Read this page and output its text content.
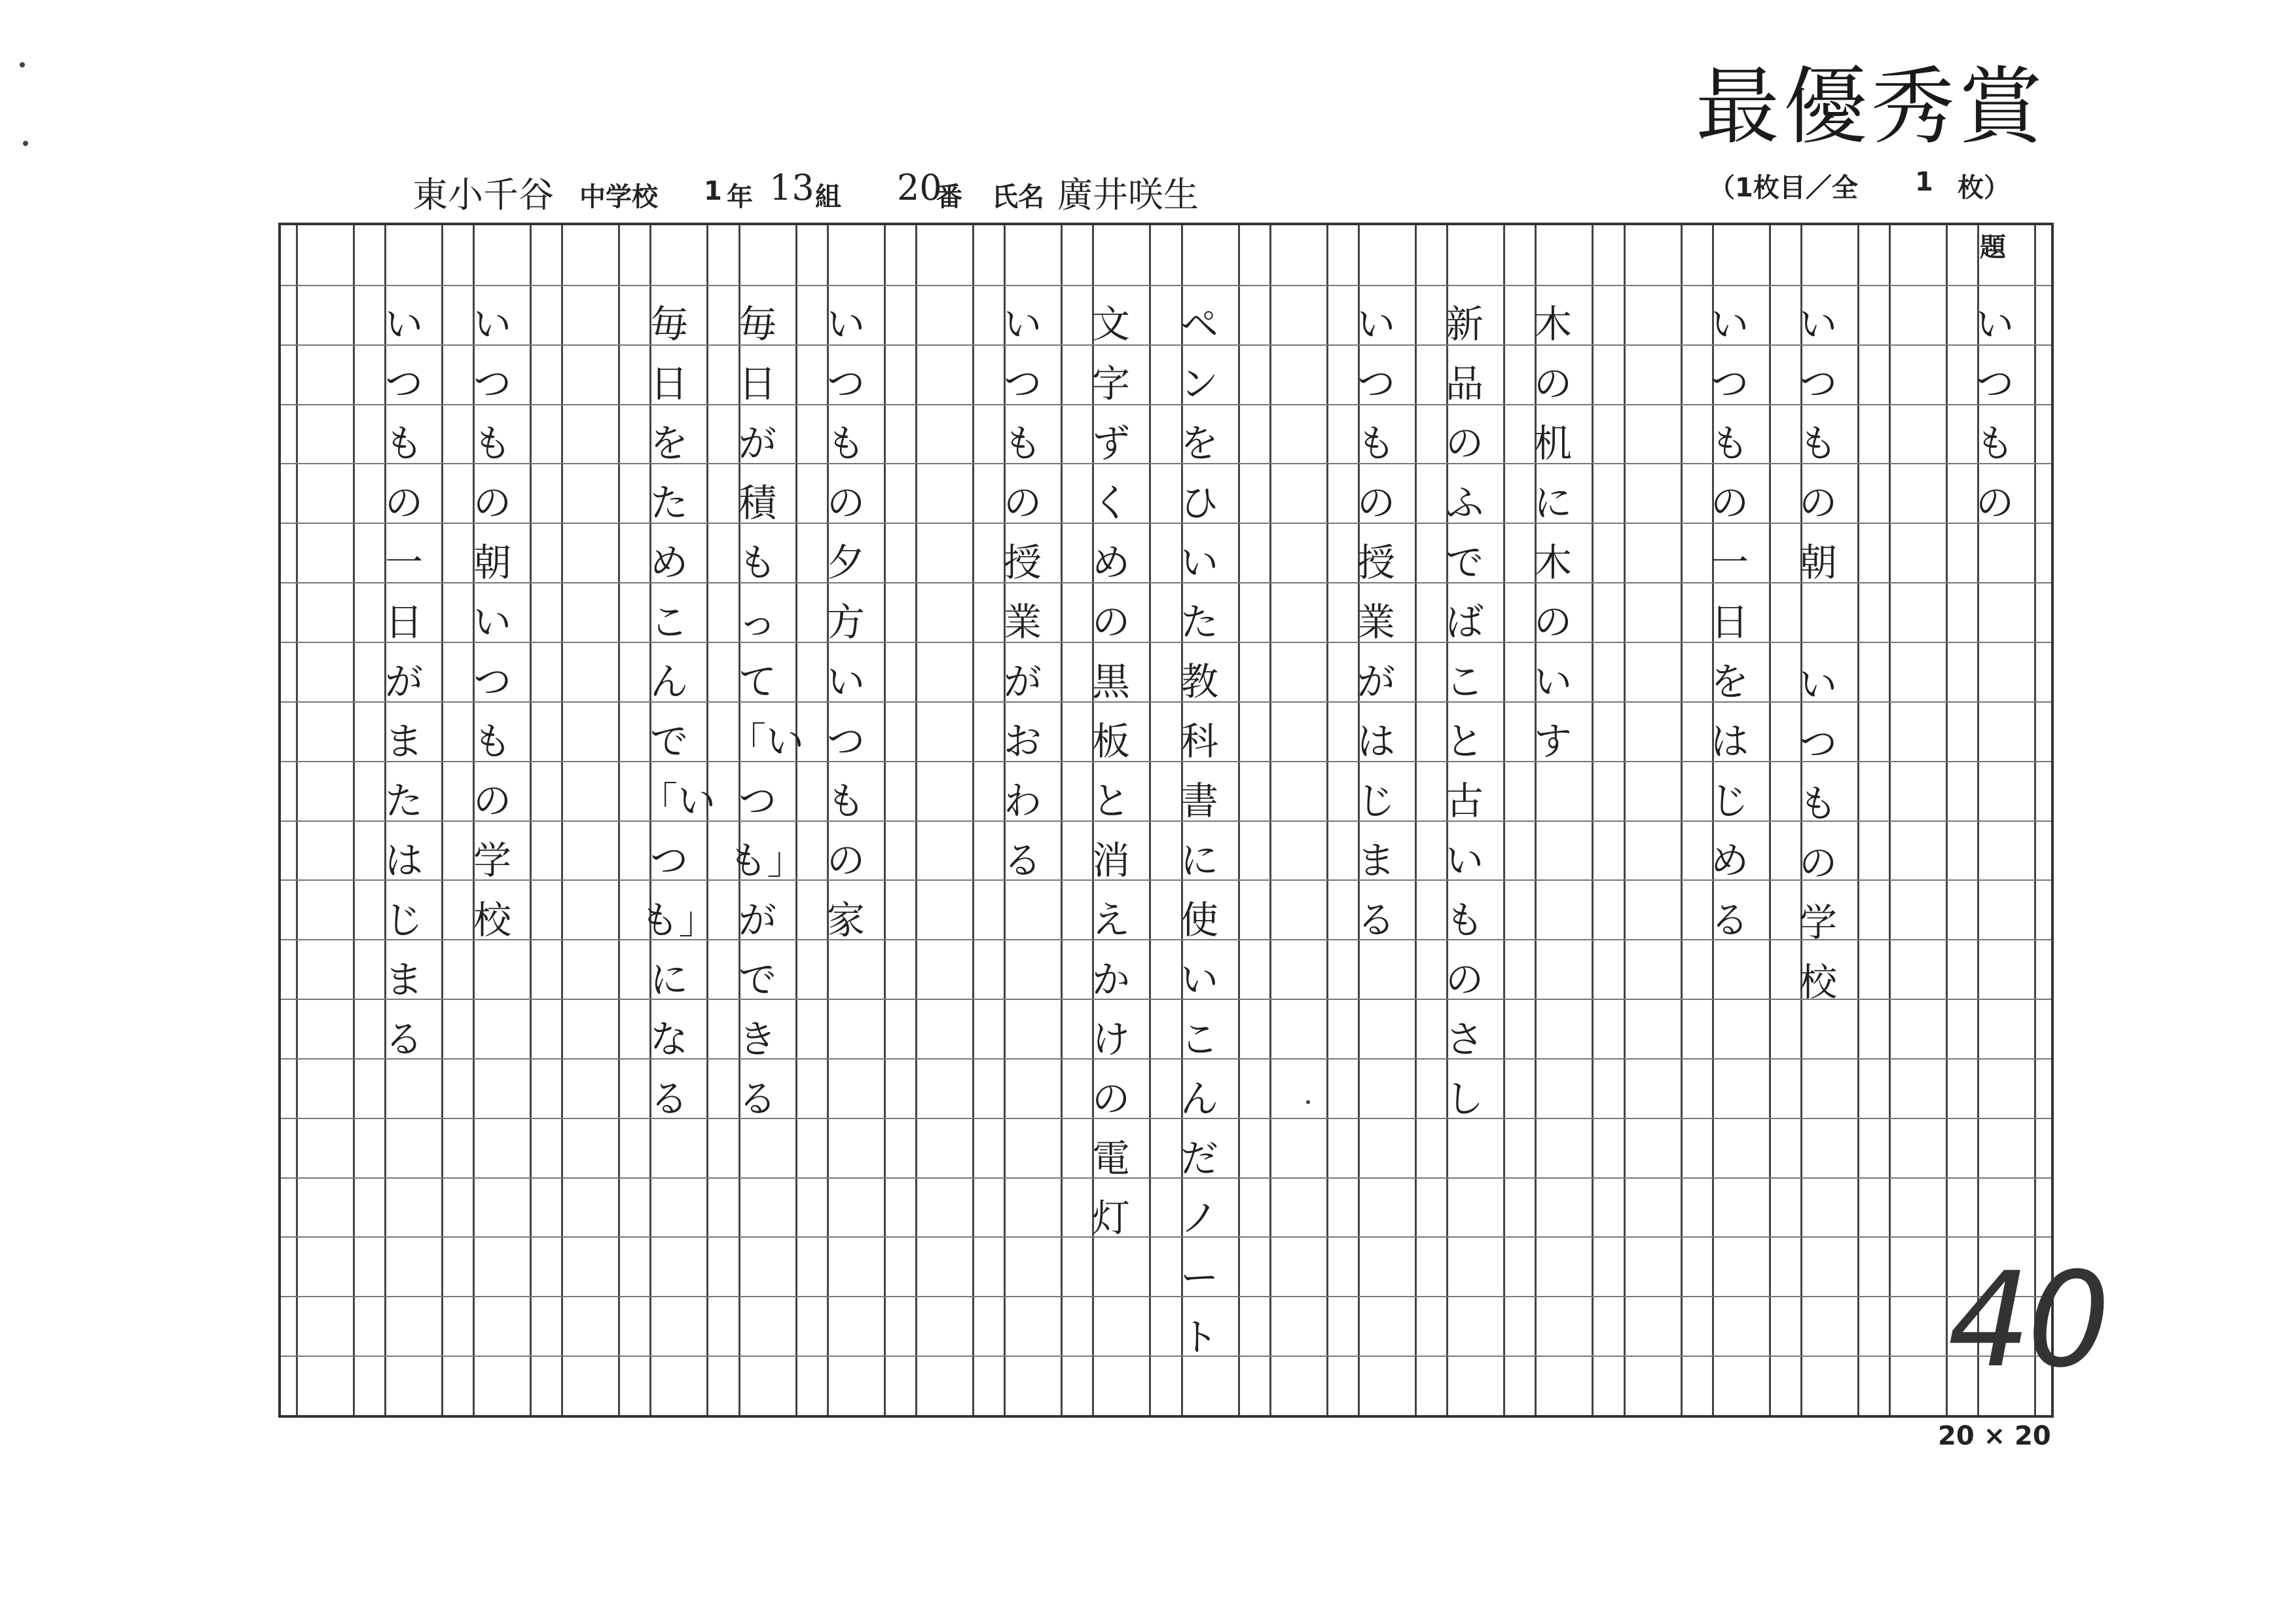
最優秀賞
東小千谷 中学校 1 年 13 組 20
番 氏名 廣井咲生	（1枚目／全 1 枚）
題
いつもの
いつもの朝
いつもの一日をはじめる
いつもの学校
木の机に木のいす
新品のふでばこと古いものさし
いつもの授業がはじまる
ペンをひいた教科書に使いこんだノート
文字ずくめの黒板と消えかけの電灯
いつもの授業がおわる
いつもの夕方いつもの家
毎日が積もって「いつも」ができる
毎日をためこんで「いつも」になる
いつもの朝いつもの学校
いつもの一日がまたはじまる
40
20 × 20
